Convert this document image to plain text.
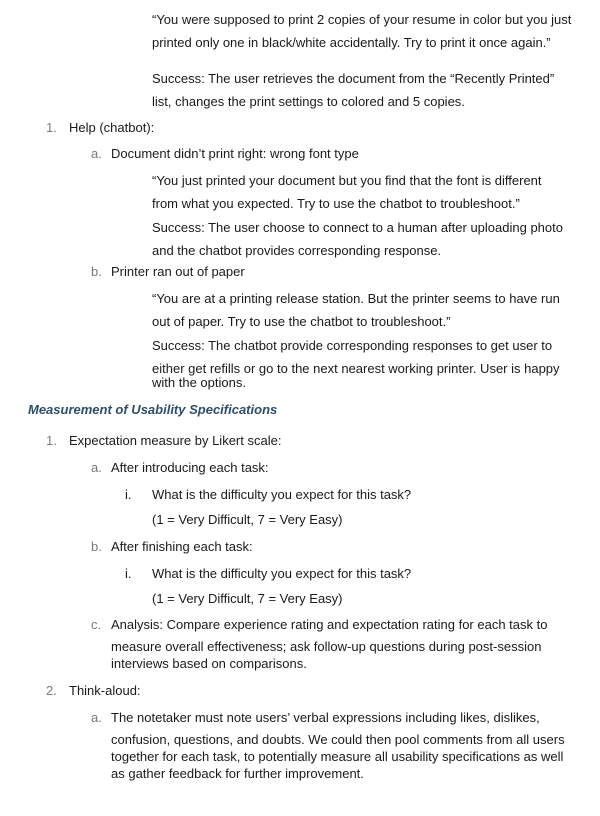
“You were supposed to print 2 copies of your resume in color but you just
printed only one in black/white accidentally. Try to print it once again.”
Success: The user retrieves the document from the “Recently Printed”
list, changes the print settings to colored and 5 copies.
1. Help (chatbot):
a. Document didn’t print right: wrong font type
“You just printed your document but you find that the font is different
from what you expected. Try to use the chatbot to troubleshoot.”
Success: The user choose to connect to a human after uploading photo
and the chatbot provides corresponding response.
b. Printer ran out of paper
“You are at a printing release station. But the printer seems to have run
out of paper. Try to use the chatbot to troubleshoot.”
Success: The chatbot provide corresponding responses to get user to
either get refills or go to the next nearest working printer. User is happy
with the options.
Measurement of Usability Specifications
1. Expectation measure by Likert scale:
a. After introducing each task:
i. What is the difficulty you expect for this task?
(1 = Very Difficult, 7 = Very Easy)
b. After finishing each task:
i. What is the difficulty you expect for this task?
(1 = Very Difficult, 7 = Very Easy)
c. Analysis: Compare experience rating and expectation rating for each task to
measure overall effectiveness; ask follow-up questions during post-session
interviews based on comparisons.
2. Think-aloud:
a. The notetaker must note users’ verbal expressions including likes, dislikes,
confusion, questions, and doubts. We could then pool comments from all users
together for each task, to potentially measure all usability specifications as well
as gather feedback for further improvement.
